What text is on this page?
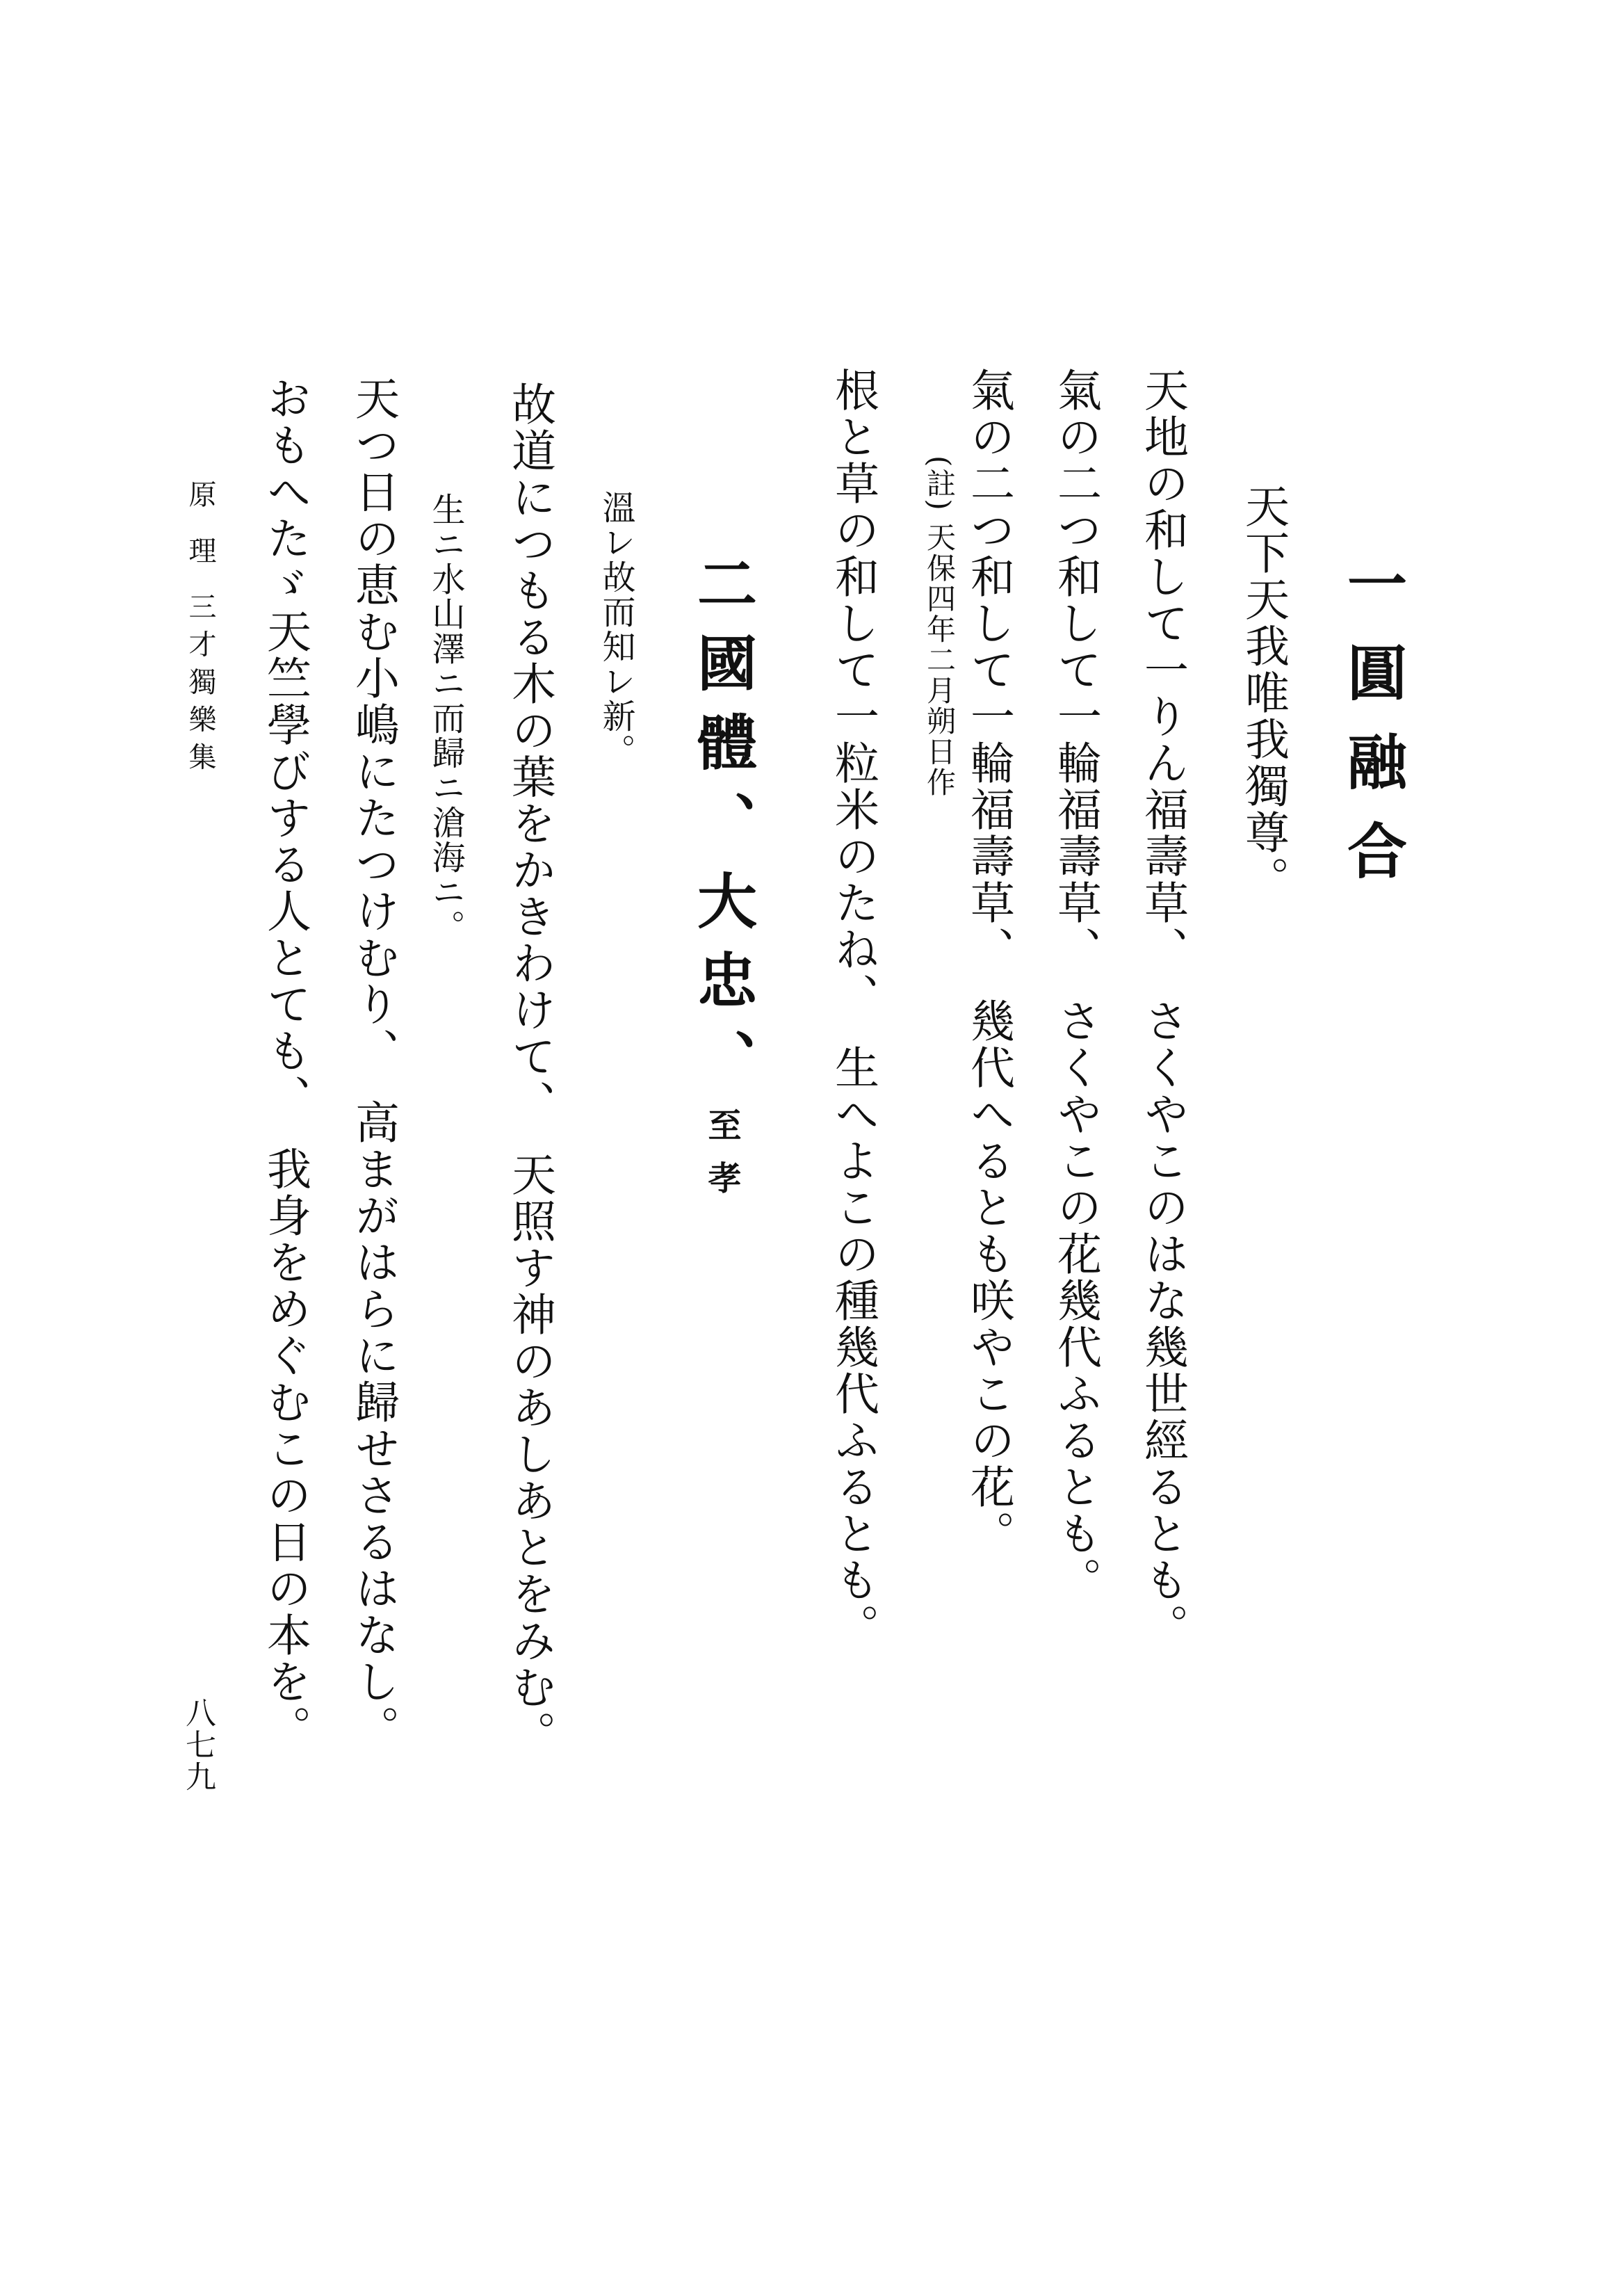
一圓融合
天下天我唯我獨尊。
天地の和して一りん福壽草、さくやこのはな幾世經るとも。
氣の二つ和して一輪福壽草、さくやこの花幾代ふるとも。
氣の二つ和して一輪福壽草、幾代へるとも咲やこの花。
(註) 天保四年二月朔日作
根と草の和して一粒米のたね、生へよこの種幾代ふるとも。
二國體、大忠、至孝
溫レ故而知レ新。
故道につもる木の葉をかきわけて、天照す神のあしあとをみむ。
生ニ水山澤ニ而歸ニ滄海ニ。
天つ日の恵む小嶋にたつけむり、高まがはらに歸せさるはなし。
おもへたゞ天竺學びする人とても、我身をめぐむこの日の本を。
原 理 三才獨樂集
八七九
